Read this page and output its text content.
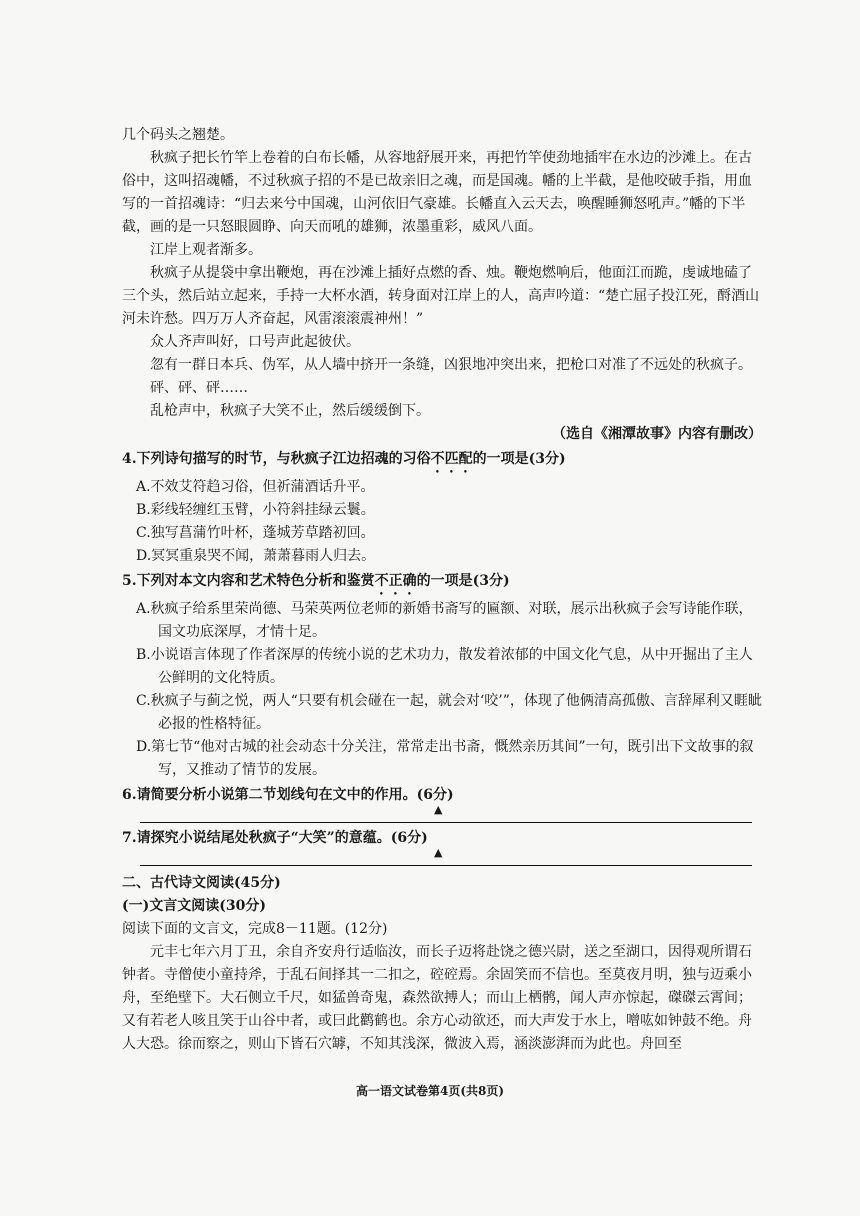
几个码头之翘楚。

秋疯子把长竹竿上卷着的白布长幡，从容地舒展开来，再把竹竿使劲地插牢在水边的沙滩上。在古俗中，这叫招魂幡，不过秋疯子招的不是已故亲旧之魂，而是国魂。幡的上半截，是他咬破手指，用血写的一首招魂诗：“归去来兮中国魂，山河依旧气豪雄。长幡直入云天去，唤醒睡狮怒吼声。”幡的下半截，画的是一只怒眼圆睁、向天而吼的雄狮，浓墨重彩，威风八面。

江岸上观者渐多。

秋疯子从提袋中拿出鞭炮，再在沙滩上插好点燃的香、烛。鞭炮燃响后，他面江而跪，虔诚地磕了三个头，然后站立起来，手持一大杯水酒，转身面对江岸上的人，高声吟道：“楚亡屈子投江死，酹酒山河未许愁。四万万人齐奋起，风雷滚滚震神州！”

众人齐声叫好，口号声此起彼伏。

忽有一群日本兵、伪军，从人墙中挤开一条缝，凶狠地冲突出来，把枪口对准了不远处的秋疯子。

砰、砰、砰……

乱枪声中，秋疯子大笑不止，然后缓缓倒下。

（选自《湘潭故事》内容有删改）

4.下列诗句描写的时节，与秋疯子江边招魂的习俗不匹配的一项是(3分)

A.不效艾符趋习俗，但祈蒲酒话升平。

B.彩线轻缠红玉臂，小符斜挂绿云鬟。

C.独写菖蒲竹叶杯，蓬城芳草踏初回。

D.冥冥重泉哭不闻，萧萧暮雨人归去。

5.下列对本文内容和艺术特色分析和鉴赏不正确的一项是(3分)

A.秋疯子给系里荣尚德、马荣英两位老师的新婚书斋写的匾额、对联，展示出秋疯子会写诗能作联，国文功底深厚，才情十足。

B.小说语言体现了作者深厚的传统小说的艺术功力，散发着浓郁的中国文化气息，从中开掘出了主人公鲜明的文化特质。

C.秋疯子与蓟之悦，两人“只要有机会碰在一起，就会对‘咬’”，体现了他俩清高孤傲、言辞犀利又睚眦必报的性格特征。

D.第七节“他对古城的社会动态十分关注，常常走出书斋，慨然亲历其间”一句，既引出下文故事的叙写，又推动了情节的发展。

6.请简要分析小说第二节划线句在文中的作用。(6分)

▲

7.请探究小说结尾处秋疯子“大笑”的意蕴。(6分)

▲

二、古代诗文阅读(45分)

(一)文言文阅读(30分)

阅读下面的文言文，完成8－11题。(12分)

元丰七年六月丁丑，余自齐安舟行适临汝，而长子迈将赴饶之德兴尉，送之至湖口，因得观所谓石钟者。寺僧使小童持斧，于乱石间择其一二扣之，硿硿焉。余固笑而不信也。至莫夜月明，独与迈乘小舟，至绝壁下。大石侧立千尺，如猛兽奇鬼，森然欲搏人；而山上栖鹘，闻人声亦惊起，磔磔云霄间；又有若老人咳且笑于山谷中者，或曰此鹳鹤也。余方心动欲还，而大声发于水上，噌吰如钟鼓不绝。舟人大恐。徐而察之，则山下皆石穴罅，不知其浅深，微波入焉，涵淡澎湃而为此也。舟回至

高一语文试卷第4页(共8页)
